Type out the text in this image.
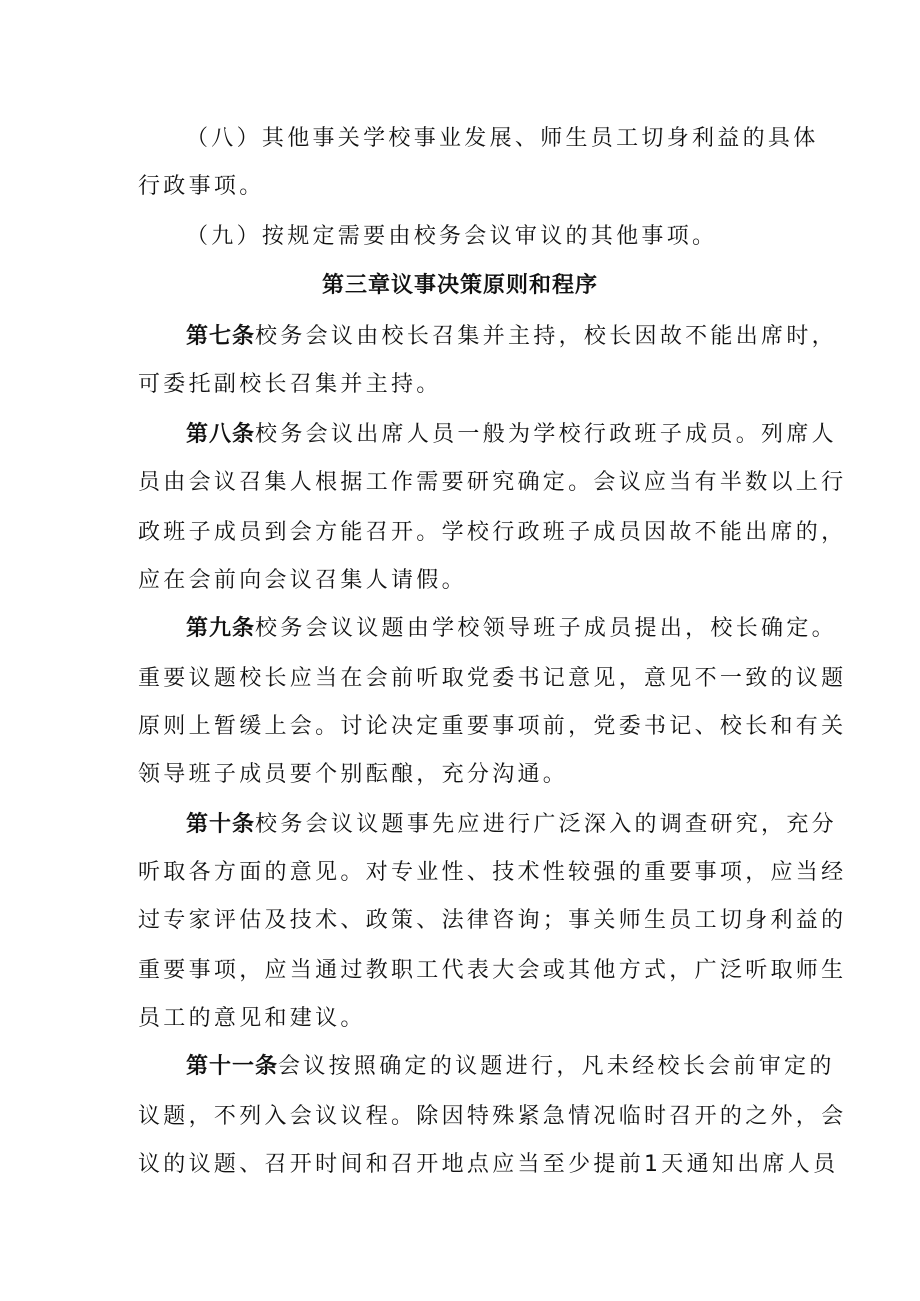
（八）其他事关学校事业发展、师生员工切身利益的具体
行政事项。
（九）按规定需要由校务会议审议的其他事项。
第三章议事决策原则和程序
第七条校务会议由校长召集并主持，校长因故不能出席时，
可委托副校长召集并主持。
第八条校务会议出席人员一般为学校行政班子成员。列席人
员由会议召集人根据工作需要研究确定。会议应当有半数以上行
政班子成员到会方能召开。学校行政班子成员因故不能出席的，
应在会前向会议召集人请假。
第九条校务会议议题由学校领导班子成员提出，校长确定。
重要议题校长应当在会前听取党委书记意见，意见不一致的议题
原则上暂缓上会。讨论决定重要事项前，党委书记、校长和有关
领导班子成员要个别酝酿，充分沟通。
第十条校务会议议题事先应进行广泛深入的调查研究，充分
听取各方面的意见。对专业性、技术性较强的重要事项，应当经
过专家评估及技术、政策、法律咨询；事关师生员工切身利益的
重要事项，应当通过教职工代表大会或其他方式，广泛听取师生
员工的意见和建议。
第十一条会议按照确定的议题进行，凡未经校长会前审定的
议题，不列入会议议程。除因特殊紧急情况临时召开的之外，会
议的议题、召开时间和召开地点应当至少提前1天通知出席人员
